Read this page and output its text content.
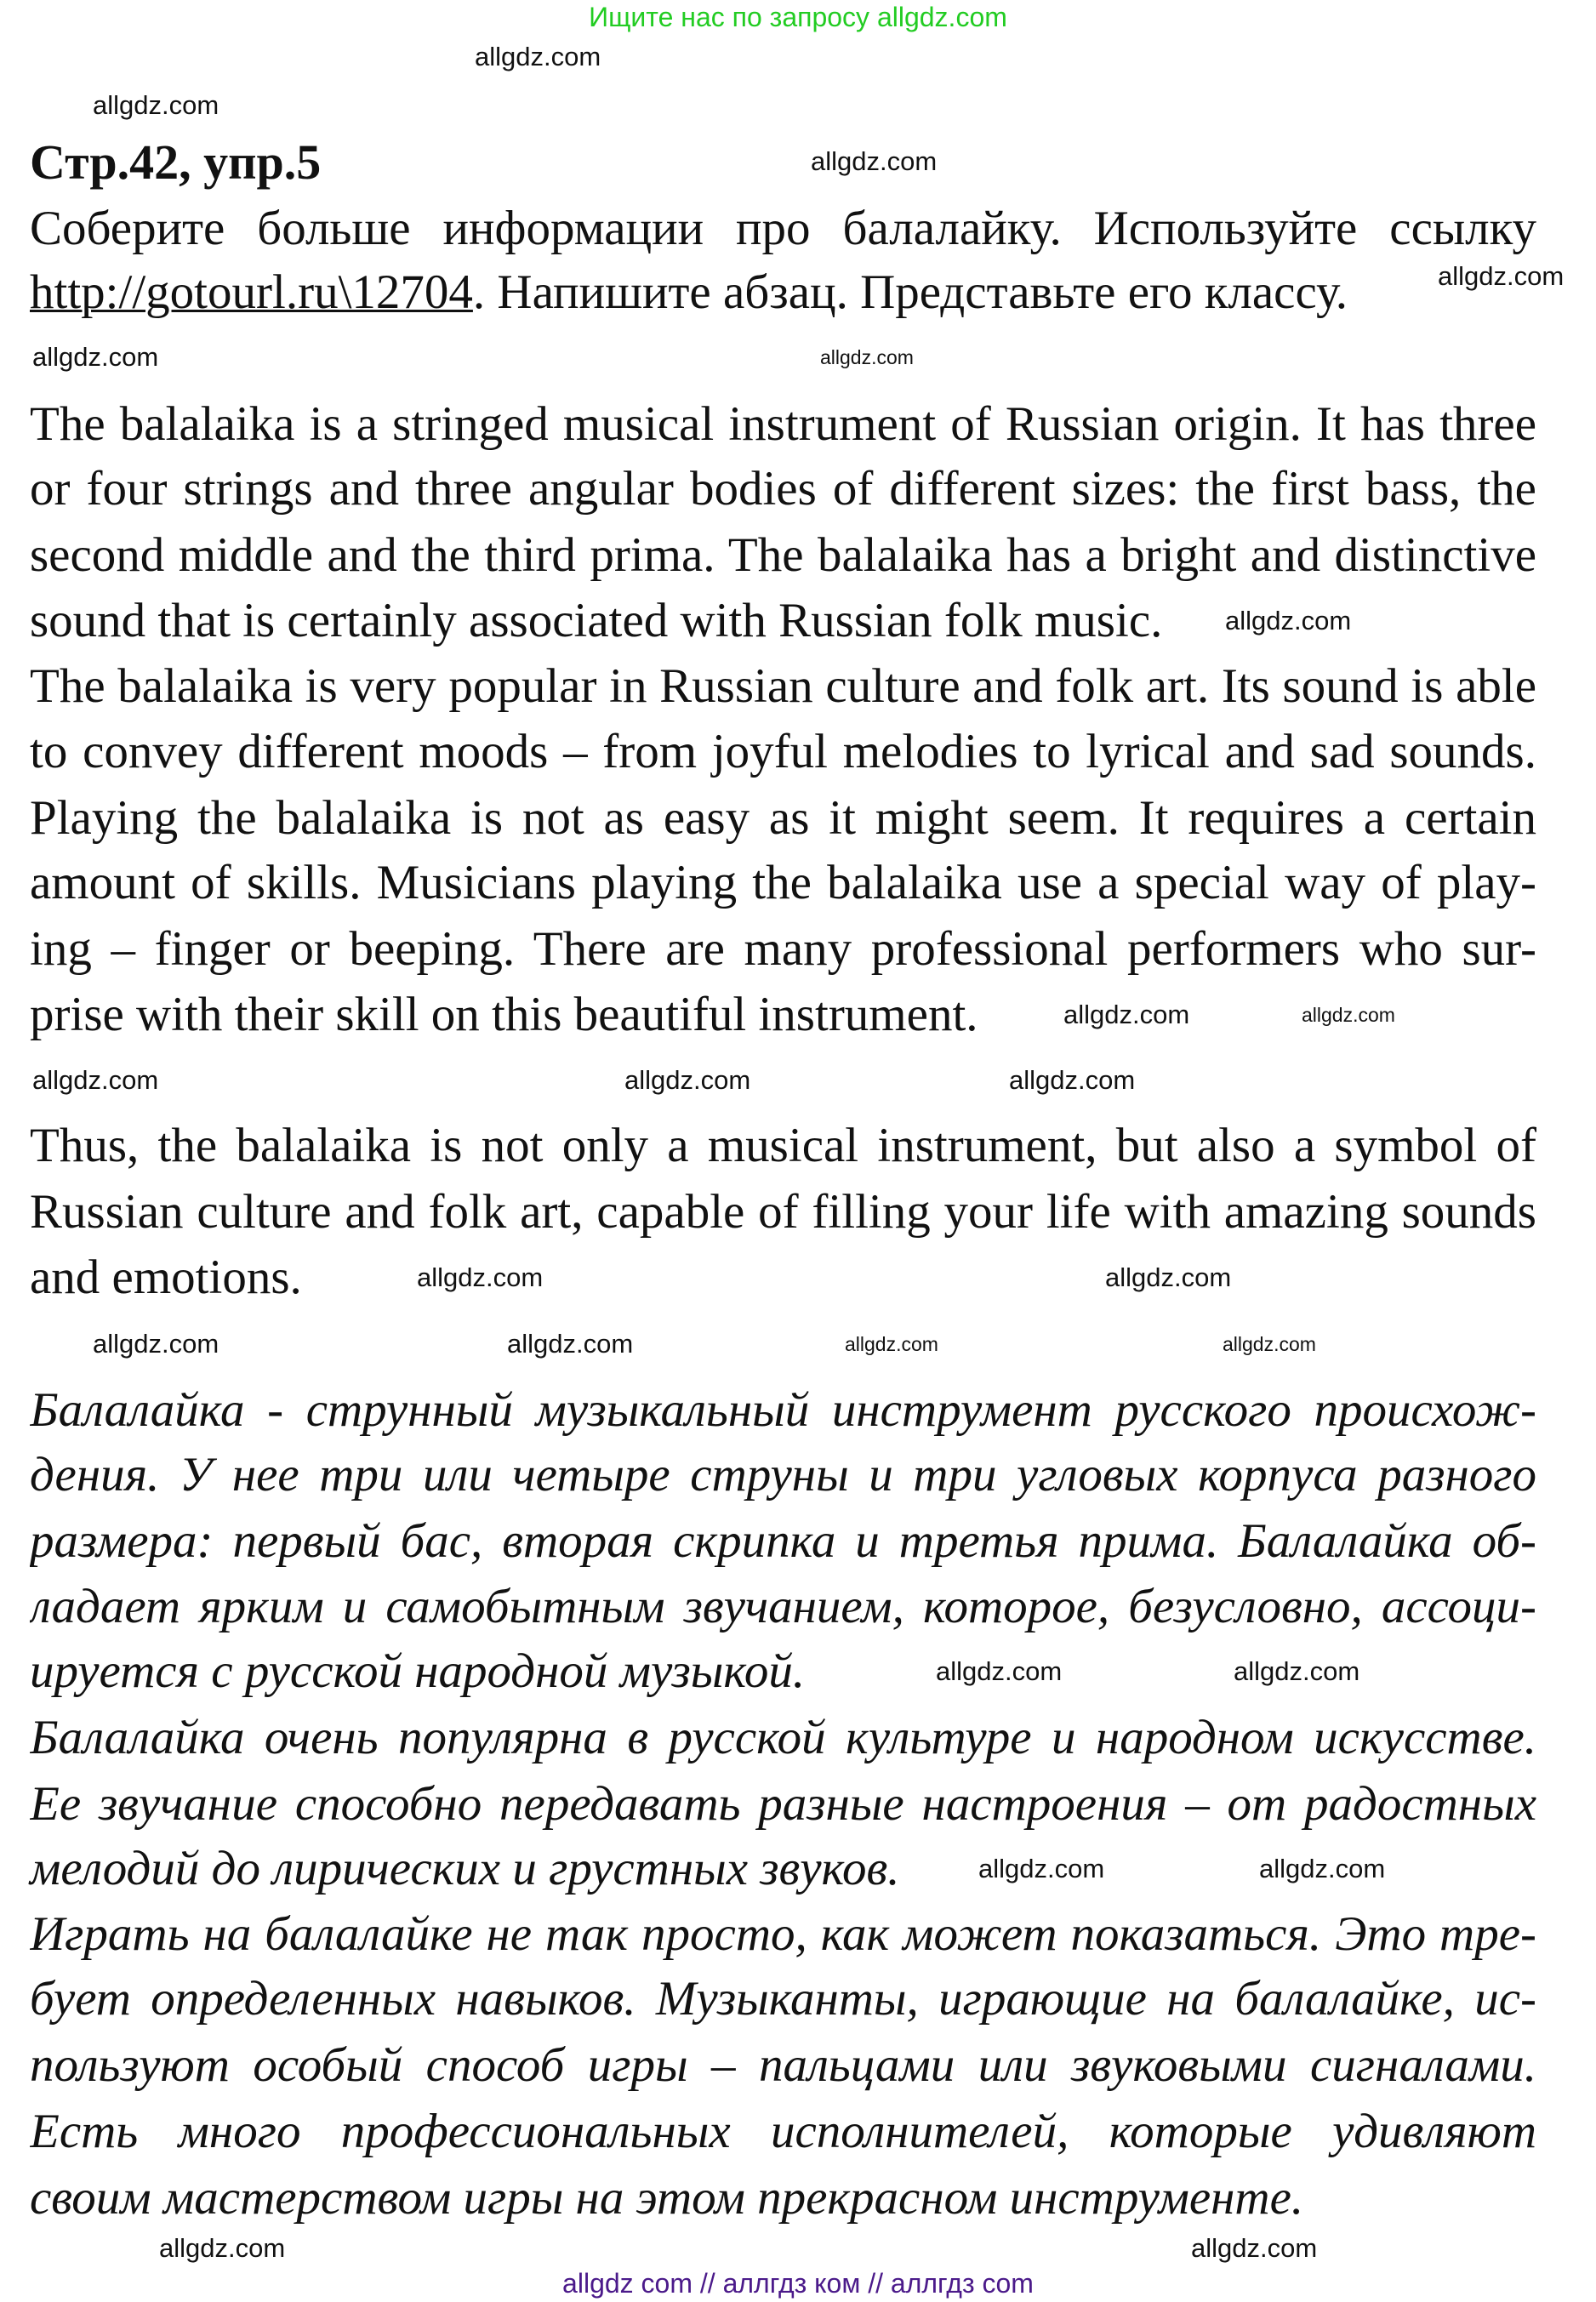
Ищите нас по запросу allgdz.com
Стр.42, упр.5
Соберите больше информации про балалайку. Используйте ссылку
http://gotourl.ru\12704. Напишите абзац. Представьте его классу.
The balalaika is a stringed musical instrument of Russian origin. It has three
or four strings and three angular bodies of different sizes: the first bass, the
second middle and the third prima. The balalaika has a bright and distinctive
sound that is certainly associated with Russian folk music.
The balalaika is very popular in Russian culture and folk art. Its sound is able
to convey different moods – from joyful melodies to lyrical and sad sounds.
Playing the balalaika is not as easy as it might seem. It requires a certain
amount of skills. Musicians playing the balalaika use a special way of play-
ing – finger or beeping. There are many professional performers who sur-
prise with their skill on this beautiful instrument.
Thus, the balalaika is not only a musical instrument, but also a symbol of
Russian culture and folk art, capable of filling your life with amazing sounds
and emotions.
Балалайка - струнный музыкальный инструмент русского происхож-
дения. У нее три или четыре струны и три угловых корпуса разного
размера: первый бас, вторая скрипка и третья прима. Балалайка об-
ладает ярким и самобытным звучанием, которое, безусловно, ассоци-
ируется с русской народной музыкой.
Балалайка очень популярна в русской культуре и народном искусстве.
Ее звучание способно передавать разные настроения – от радостных
мелодий до лирических и грустных звуков.
Играть на балалайке не так просто, как может показаться. Это тре-
бует определенных навыков. Музыканты, играющие на балалайке, ис-
пользуют особый способ игры – пальцами или звуковыми сигналами.
Есть много профессиональных исполнителей, которые удивляют
своим мастерством игры на этом прекрасном инструменте.
allgdz.com
allgdz.com
allgdz.com
allgdz.com
allgdz.com	allgdz.com
allgdz.com
allgdz.com	allgdz.com
allgdz.com	allgdz.com	allgdz.com
allgdz.com	allgdz.com
allgdz.com	allgdz.com	allgdz.com	allgdz.com
allgdz.com	allgdz.com
allgdz.com	allgdz.com
allgdz.com	allgdz.com
allgdz com // аллгдз ком // аллгдз com
